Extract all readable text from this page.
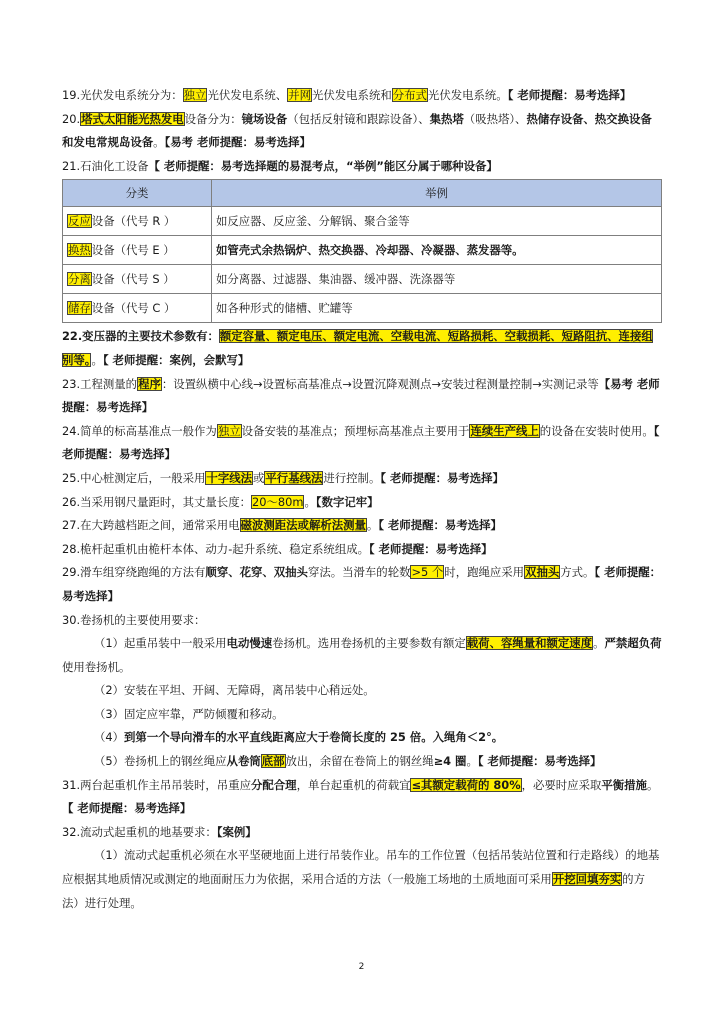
19.光伏发电系统分为：独立光伏发电系统、并网光伏发电系统和分布式光伏发电系统。【 老师提醒：易考选择】

20.塔式太阳能光热发电设备分为：镜场设备（包括反射镜和跟踪设备）、集热塔（吸热塔）、热储存设备、热交换设备和发电常规岛设备。【易考 老师提醒：易考选择】

21.石油化工设备【 老师提醒：易考选择题的易混考点，“举例”能区分属于哪种设备】

分类	举例
反应设备（代号 R ）	如反应器、反应釜、分解锅、聚合釜等
换热设备（代号 E ）	如管壳式余热锅炉、热交换器、冷却器、冷凝器、蒸发器等。
分离设备（代号 S ）	如分离器、过滤器、集油器、缓冲器、洗涤器等
储存设备（代号 C ）	如各种形式的储槽、贮罐等

22.变压器的主要技术参数有：额定容量、额定电压、额定电流、空载电流、短路损耗、空载损耗、短路阻抗、连接组别等。。【 老师提醒：案例，会默写】

23.工程测量的程序：设置纵横中心线→设置标高基准点→设置沉降观测点→安装过程测量控制→实测记录等【易考 老师提醒：易考选择】

24.简单的标高基准点一般作为独立设备安装的基准点；预埋标高基准点主要用于连续生产线上的设备在安装时使用。【 老师提醒：易考选择】

25.中心桩测定后，一般采用十字线法或平行基线法进行控制。【 老师提醒：易考选择】

26.当采用钢尺量距时，其丈量长度：20～80m。【数字记牢】

27.在大跨越档距之间，通常采用电磁波测距法或解析法测量。【 老师提醒：易考选择】

28.桅杆起重机由桅杆本体、动力-起升系统、稳定系统组成。【 老师提醒：易考选择】

29.滑车组穿绕跑绳的方法有顺穿、花穿、双抽头穿法。当滑车的轮数>5 个时，跑绳应采用双抽头方式。【 老师提醒：易考选择】

30.卷扬机的主要使用要求：

（1）起重吊装中一般采用电动慢速卷扬机。选用卷扬机的主要参数有额定载荷、容绳量和额定速度。严禁超负荷使用卷扬机。

（2）安装在平坦、开阔、无障碍，离吊装中心稍远处。

（3）固定应牢靠，严防倾覆和移动。

（4）到第一个导向滑车的水平直线距离应大于卷筒长度的 25 倍。入绳角＜2°。

（5）卷扬机上的钢丝绳应从卷筒底部放出，余留在卷筒上的钢丝绳≥4 圈。【 老师提醒：易考选择】

31.两台起重机作主吊吊装时，吊重应分配合理，单台起重机的荷载宜≤其额定载荷的 80%，必要时应采取平衡措施。【 老师提醒：易考选择】

32.流动式起重机的地基要求：【案例】

（1）流动式起重机必须在水平坚硬地面上进行吊装作业。吊车的工作位置（包括吊装站位置和行走路线）的地基应根据其地质情况或测定的地面耐压力为依据，采用合适的方法（一般施工场地的土质地面可采用开挖回填夯实的方法）进行处理。

2
